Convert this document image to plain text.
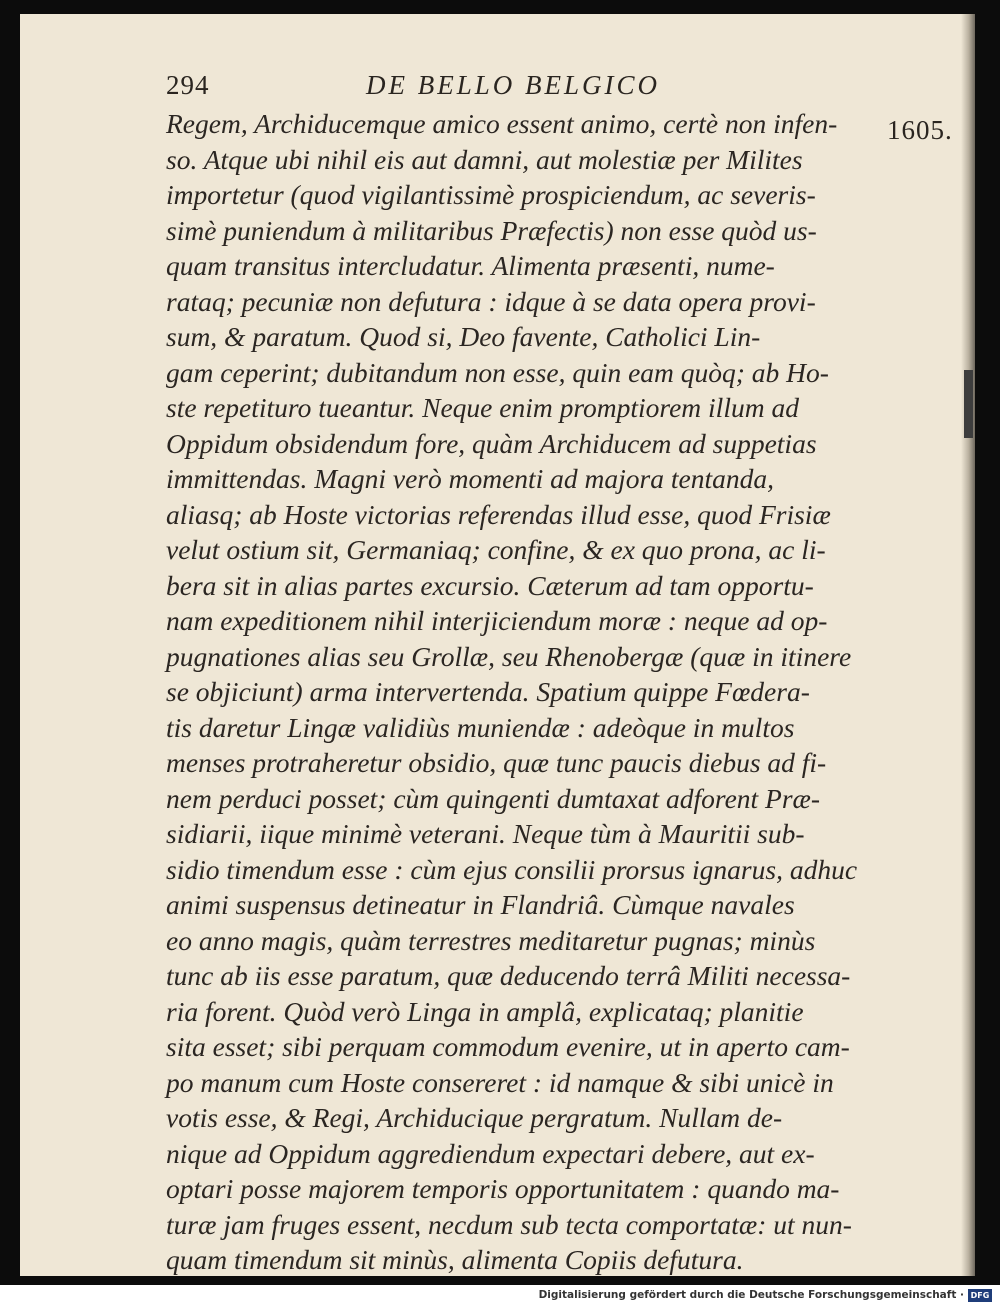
294	DE BELLO BELGICO
1605.
Regem, Archiducemque amico essent animo, certè non infen-
so. Atque ubi nihil eis aut damni, aut molestiæ per Milites
importetur (quod vigilantissimè prospiciendum, ac severis-
simè puniendum à militaribus Præfectis) non esse quòd us-
quam transitus intercludatur. Alimenta præsenti, nume-
rataq; pecuniæ non defutura : idque à se data opera provi-
sum, & paratum. Quod si, Deo favente, Catholici Lin-
gam ceperint; dubitandum non esse, quin eam quòq; ab Ho-
ste repetituro tueantur. Neque enim promptiorem illum ad
Oppidum obsidendum fore, quàm Archiducem ad suppetias
immittendas. Magni verò momenti ad majora tentanda,
aliasq; ab Hoste victorias referendas illud esse, quod Frisiæ
velut ostium sit, Germaniaq; confine, & ex quo prona, ac li-
bera sit in alias partes excursio. Cæterum ad tam opportu-
nam expeditionem nihil interjiciendum moræ : neque ad op-
pugnationes alias seu Grollæ, seu Rhenobergæ (quæ in itinere
se objiciunt) arma intervertenda. Spatium quippe Fœdera-
tis daretur Lingæ validiùs muniendæ : adeòque in multos
menses protraheretur obsidio, quæ tunc paucis diebus ad fi-
nem perduci posset; cùm quingenti dumtaxat adforent Præ-
sidiarii, iique minimè veterani. Neque tùm à Mauritii sub-
sidio timendum esse : cùm ejus consilii prorsus ignarus, adhuc
animi suspensus detineatur in Flandriâ. Cùmque navales
eo anno magis, quàm terrestres meditaretur pugnas; minùs
tunc ab iis esse paratum, quæ deducendo terrâ Militi necessa-
ria forent. Quòd verò Linga in amplâ, explicataq; planitie
sita esset; sibi perquam commodum evenire, ut in aperto cam-
po manum cum Hoste consereret : id namque & sibi unicè in
votis esse, & Regi, Archiducique pergratum. Nullam de-
nique ad Oppidum aggrediendum expectari debere, aut ex-
optari posse majorem temporis opportunitatem : quando ma-
turæ jam fruges essent, necdum sub tecta comportatæ: ut nun-
quam timendum sit minùs, alimenta Copiis defutura.
Digitalisierung gefördert durch die Deutsche Forschungsgemeinschaft · DFG
